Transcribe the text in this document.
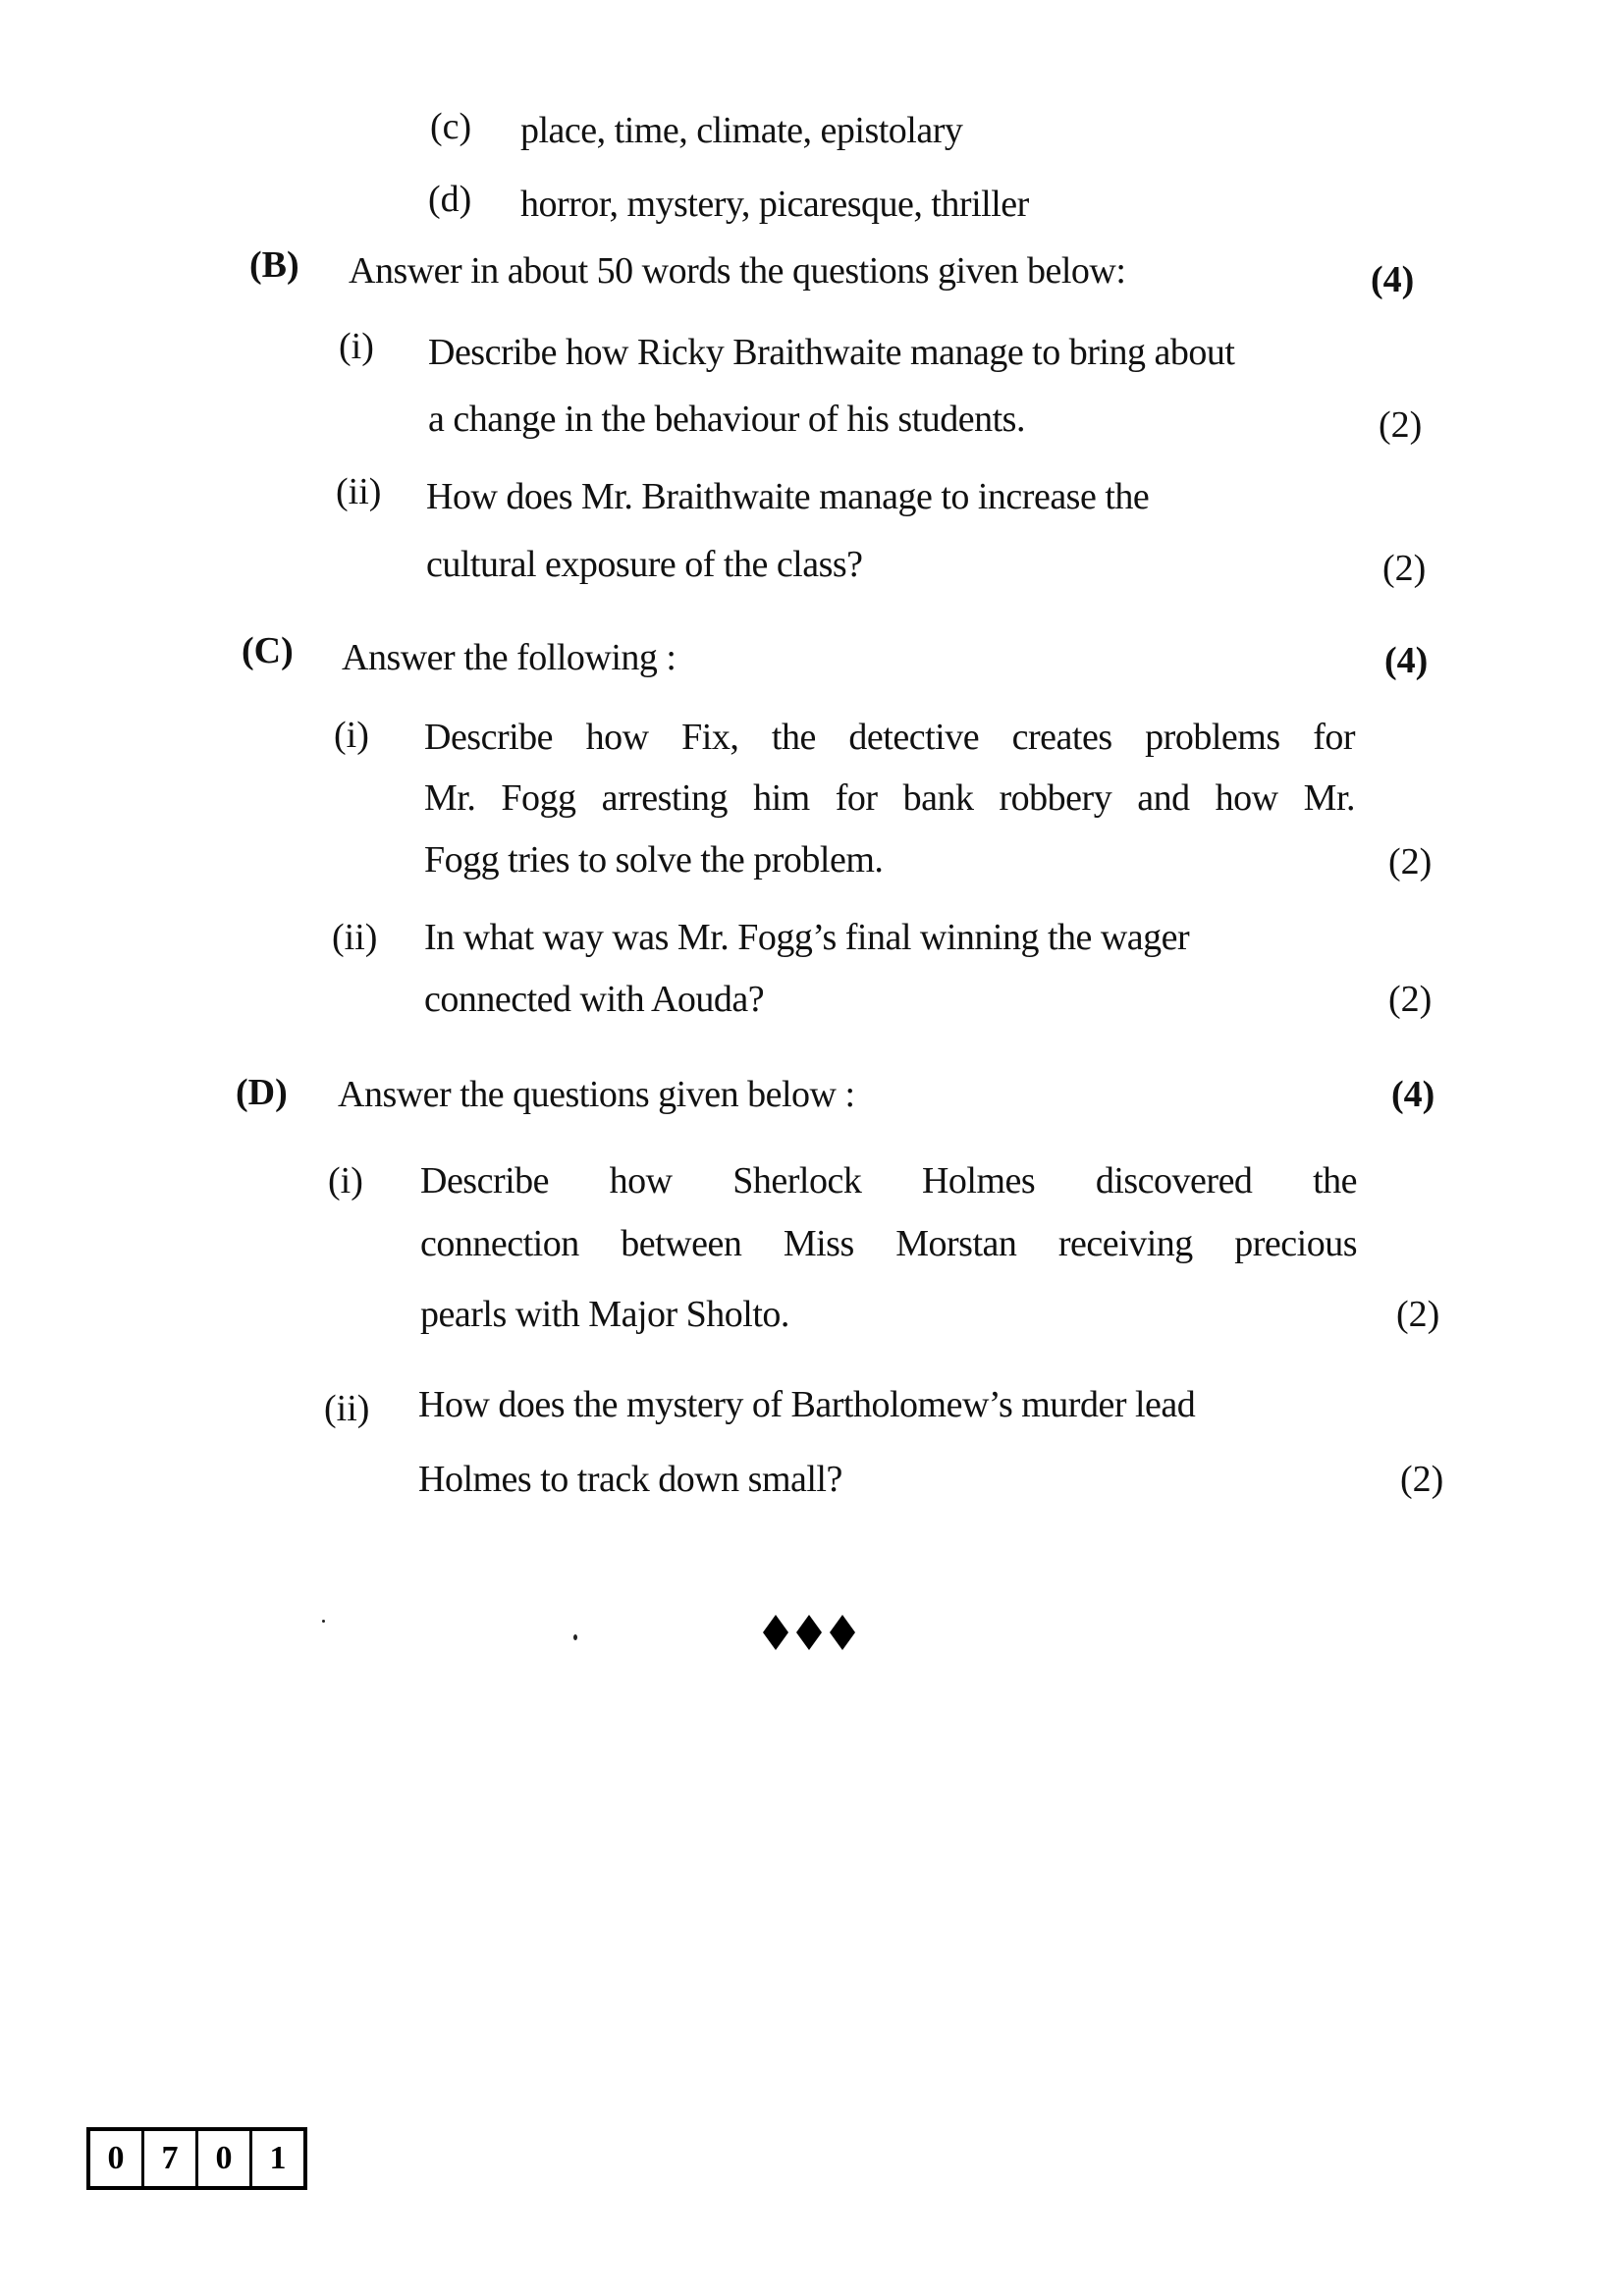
(c) place, time, climate, epistolary
(d) horror, mystery, picaresque, thriller
(B) Answer in about 50 words the questions given below:	(4)
(i) Describe how Ricky Braithwaite manage to bring about
a change in the behaviour of his students.	(2)
(ii) How does Mr. Braithwaite manage to increase the
cultural exposure of the class?	(2)
(C) Answer the following :	(4)
(i) Describe how Fix, the detective creates problems for
Mr. Fogg arresting him for bank robbery and how Mr.
Fogg tries to solve the problem.	(2)
(ii) In what way was Mr. Fogg’s final winning the wager
connected with Aouda?	(2)
(D) Answer the questions given below :	(4)
(i) Describe how Sherlock Holmes discovered the
connection between Miss Morstan receiving precious
pearls with Major Sholto.	(2)
(ii) How does the mystery of Bartholomew’s murder lead
Holmes to track down small?	(2)
0	7	0	1
